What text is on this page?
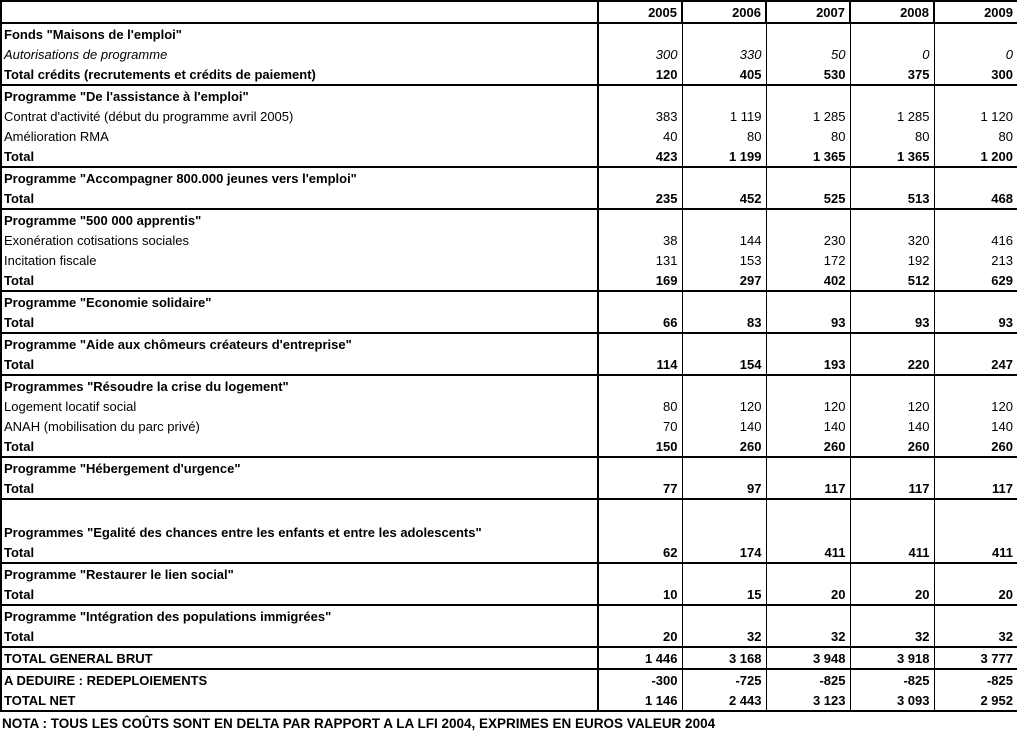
	2005	2006	2007	2008	2009
Fonds "Maisons de l'emploi"					
Autorisations de programme	300	330	50	0	0
Total crédits (recrutements et crédits de paiement)	120	405	530	375	300
Programme "De l'assistance à l'emploi"					
Contrat d'activité (début du programme avril 2005)	383	1 119	1 285	1 285	1 120
Amélioration RMA	40	80	80	80	80
Total	423	1 199	1 365	1 365	1 200
Programme "Accompagner 800.000 jeunes vers l'emploi"					
Total	235	452	525	513	468
Programme "500 000 apprentis"					
Exonération cotisations sociales	38	144	230	320	416
Incitation fiscale	131	153	172	192	213
Total	169	297	402	512	629
Programme "Economie solidaire"					
Total	66	83	93	93	93
Programme "Aide aux chômeurs créateurs d'entreprise"					
Total	114	154	193	220	247
Programmes "Résoudre la crise du logement"					
Logement locatif social	80	120	120	120	120
ANAH (mobilisation du parc privé)	70	140	140	140	140
Total	150	260	260	260	260
Programme "Hébergement d'urgence"					
Total	77	97	117	117	117
Programmes "Egalité des chances entre les enfants et entre les adolescents"					
Total	62	174	411	411	411
Programme "Restaurer le lien social"					
Total	10	15	20	20	20
Programme "Intégration des populations immigrées"					
Total	20	32	32	32	32
TOTAL GENERAL BRUT	1 446	3 168	3 948	3 918	3 777
A DEDUIRE : REDEPLOIEMENTS	-300	-725	-825	-825	-825
TOTAL NET	1 146	2 443	3 123	3 093	2 952
NOTA : TOUS LES COÛTS SONT EN DELTA PAR RAPPORT A LA LFI 2004, EXPRIMES EN EUROS VALEUR 2004
